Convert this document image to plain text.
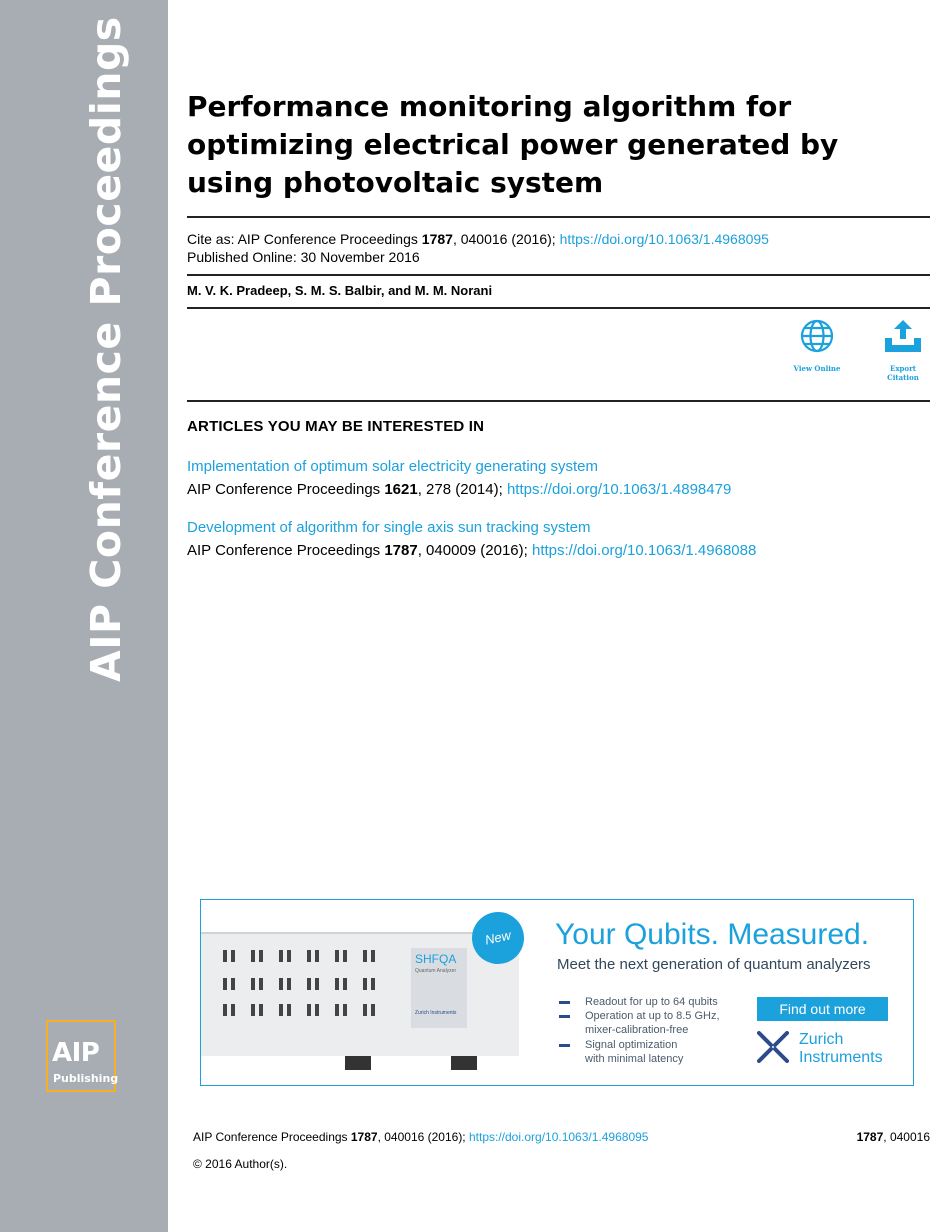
AIP Conference Proceedings
AIP
Publishing
Performance monitoring algorithm for optimizing electrical power generated by using photovoltaic system
Cite as: AIP Conference Proceedings 1787, 040016 (2016); https://doi.org/10.1063/1.4968095
Published Online: 30 November 2016
M. V. K. Pradeep, S. M. S. Balbir, and M. M. Norani
View Online	Export Citation
ARTICLES YOU MAY BE INTERESTED IN
Implementation of optimum solar electricity generating system
AIP Conference Proceedings 1621, 278 (2014); https://doi.org/10.1063/1.4898479
Development of algorithm for single axis sun tracking system
AIP Conference Proceedings 1787, 040009 (2016); https://doi.org/10.1063/1.4968088
SHFQA
Quantum Analyzer
Zurich Instruments
New	Your Qubits. Measured.
Meet the next generation of quantum analyzers
Readout for up to 64 qubits
Operation at up to 8.5 GHz, mixer-calibration-free
Signal optimization with minimal latency
Find out more
Zurich
Instruments
AIP Conference Proceedings 1787, 040016 (2016); https://doi.org/10.1063/1.4968095	1787, 040016
© 2016 Author(s).
